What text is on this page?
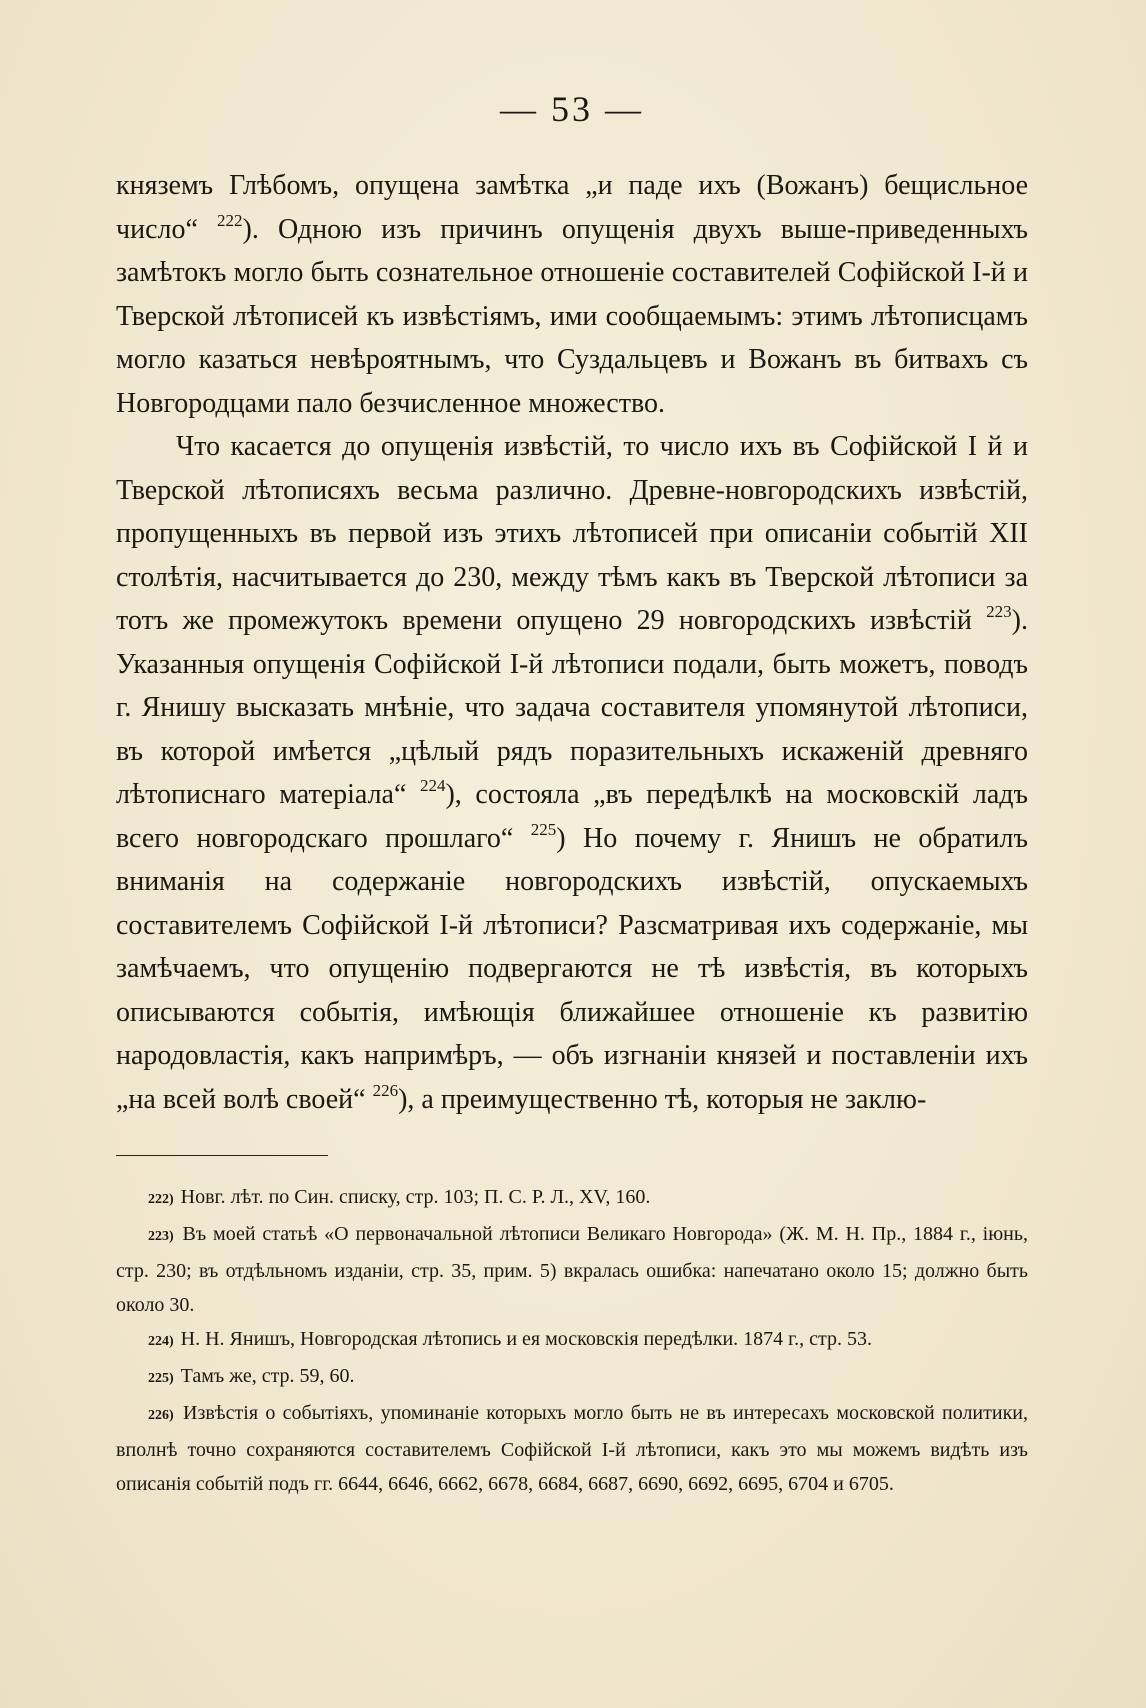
— 53 —

княземъ Глѣбомъ, опущена замѣтка „и паде ихъ (Вожанъ) бещисльное число“ $^{222}$). Одною изъ причинъ опущенія двухъ выше-приведенныхъ замѣтокъ могло быть сознательное отношеніе составителей Софійской I-й и Тверской лѣтописей къ извѣстіямъ, ими сообщаемымъ: этимъ лѣтописцамъ могло казаться невѣроятнымъ, что Суздальцевъ и Вожанъ въ битвахъ съ Новгородцами пало безчисленное множество.

Что касается до опущенія извѣстій, то число ихъ въ Софійской I й и Тверской лѣтописяхъ весьма различно. Древне-новгородскихъ извѣстій, пропущенныхъ въ первой изъ этихъ лѣтописей при описаніи событій XII столѣтія, насчитывается до 230, между тѣмъ какъ въ Тверской лѣтописи за тотъ же промежутокъ времени опущено 29 новгородскихъ извѣстій $^{223}$). Указанныя опущенія Софійской I-й лѣтописи подали, быть можетъ, поводъ г. Янишу высказать мнѣніе, что задача составителя упомянутой лѣтописи, въ которой имѣется „цѣлый рядъ поразительныхъ искаженій древняго лѣтописнаго матеріала“ $^{224}$), состояла „въ передѣлкѣ на московскій ладъ всего новгородскаго прошлаго“ $^{225}$) Но почему г. Янишъ не обратилъ вниманія на содержаніе новгородскихъ извѣстій, опускаемыхъ составителемъ Софійской I-й лѣтописи? Разсматривая ихъ содержаніе, мы замѣчаемъ, что опущенію подвергаются не тѣ извѣстія, въ которыхъ описываются событія, имѣющія ближайшее отношеніе къ развитію народовластія, какъ напримѣръ, — объ изгнаніи князей и поставленіи ихъ „на всей волѣ своей“ $^{226}$), а преимущественно тѣ, которыя не заклю-

222) Новг. лѣт. по Син. списку, стр. 103; П. С. Р. Л., XV, 160.

223) Въ моей статьѣ «О первоначальной лѣтописи Великаго Новгорода» (Ж. М. Н. Пр., 1884 г., іюнь, стр. 230; въ отдѣльномъ изданіи, стр. 35, прим. 5) вкралась ошибка: напечатано около 15; должно быть около 30.

224) Н. Н. Янишъ, Новгородская лѣтопись и ея московскія передѣлки. 1874 г., стр. 53.

225) Тамъ же, стр. 59, 60.

226) Извѣстія о событіяхъ, упоминаніе которыхъ могло быть не въ интересахъ московской политики, вполнѣ точно сохраняются составителемъ Софійской I-й лѣтописи, какъ это мы можемъ видѣть изъ описанія событій подъ гг. 6644, 6646, 6662, 6678, 6684, 6687, 6690, 6692, 6695, 6704 и 6705.
